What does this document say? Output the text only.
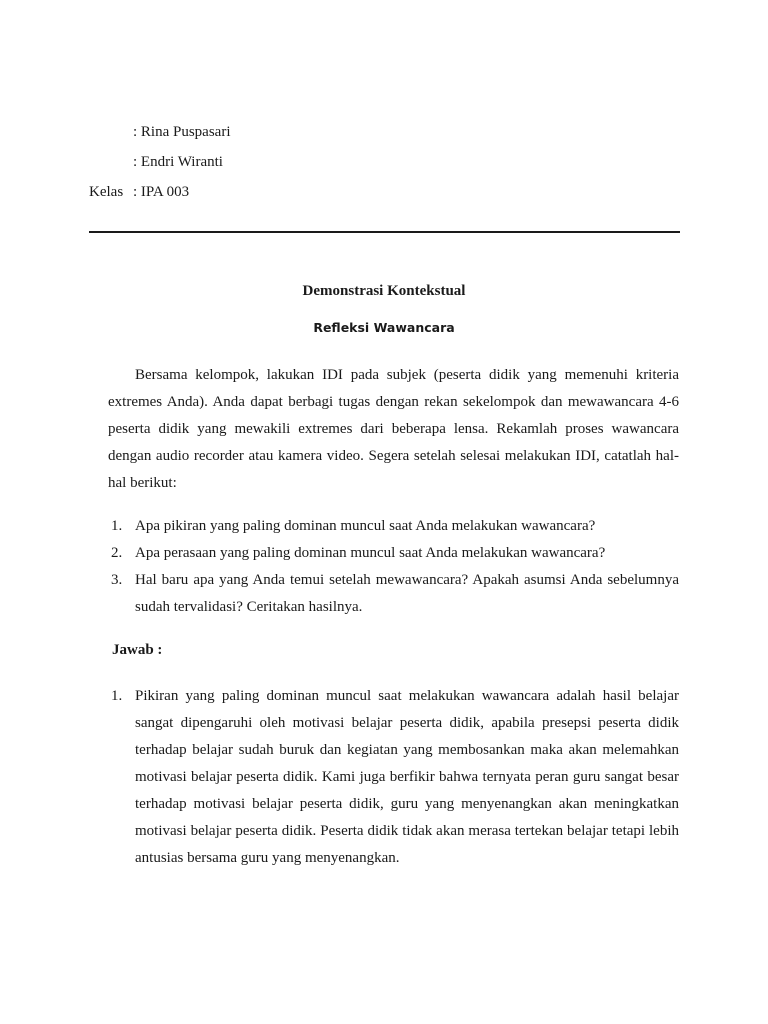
: Rina Puspasari
: Endri Wiranti
Kelas : IPA 003
Demonstrasi Kontekstual
Refleksi Wawancara

Bersama kelompok, lakukan IDI pada subjek (peserta didik yang memenuhi kriteria extremes Anda). Anda dapat berbagi tugas dengan rekan sekelompok dan mewawancara 4-6 peserta didik yang mewakili extremes dari beberapa lensa. Rekamlah proses wawancara dengan audio recorder atau kamera video. Segera setelah selesai melakukan IDI, catatlah hal-hal berikut:

1. Apa pikiran yang paling dominan muncul saat Anda melakukan wawancara?
2. Apa perasaan yang paling dominan muncul saat Anda melakukan wawancara?
3. Hal baru apa yang Anda temui setelah mewawancara? Apakah asumsi Anda sebelumnya sudah tervalidasi? Ceritakan hasilnya.
Jawab :
1. Pikiran yang paling dominan muncul saat melakukan wawancara adalah hasil belajar sangat dipengaruhi oleh motivasi belajar peserta didik, apabila presepsi peserta didik terhadap belajar sudah buruk dan kegiatan yang membosankan maka akan melemahkan motivasi belajar peserta didik. Kami juga berfikir bahwa ternyata peran guru sangat besar terhadap motivasi belajar peserta didik, guru yang menyenangkan akan meningkatkan motivasi belajar peserta didik. Peserta didik tidak akan merasa tertekan belajar tetapi lebih antusias bersama guru yang menyenangkan.
